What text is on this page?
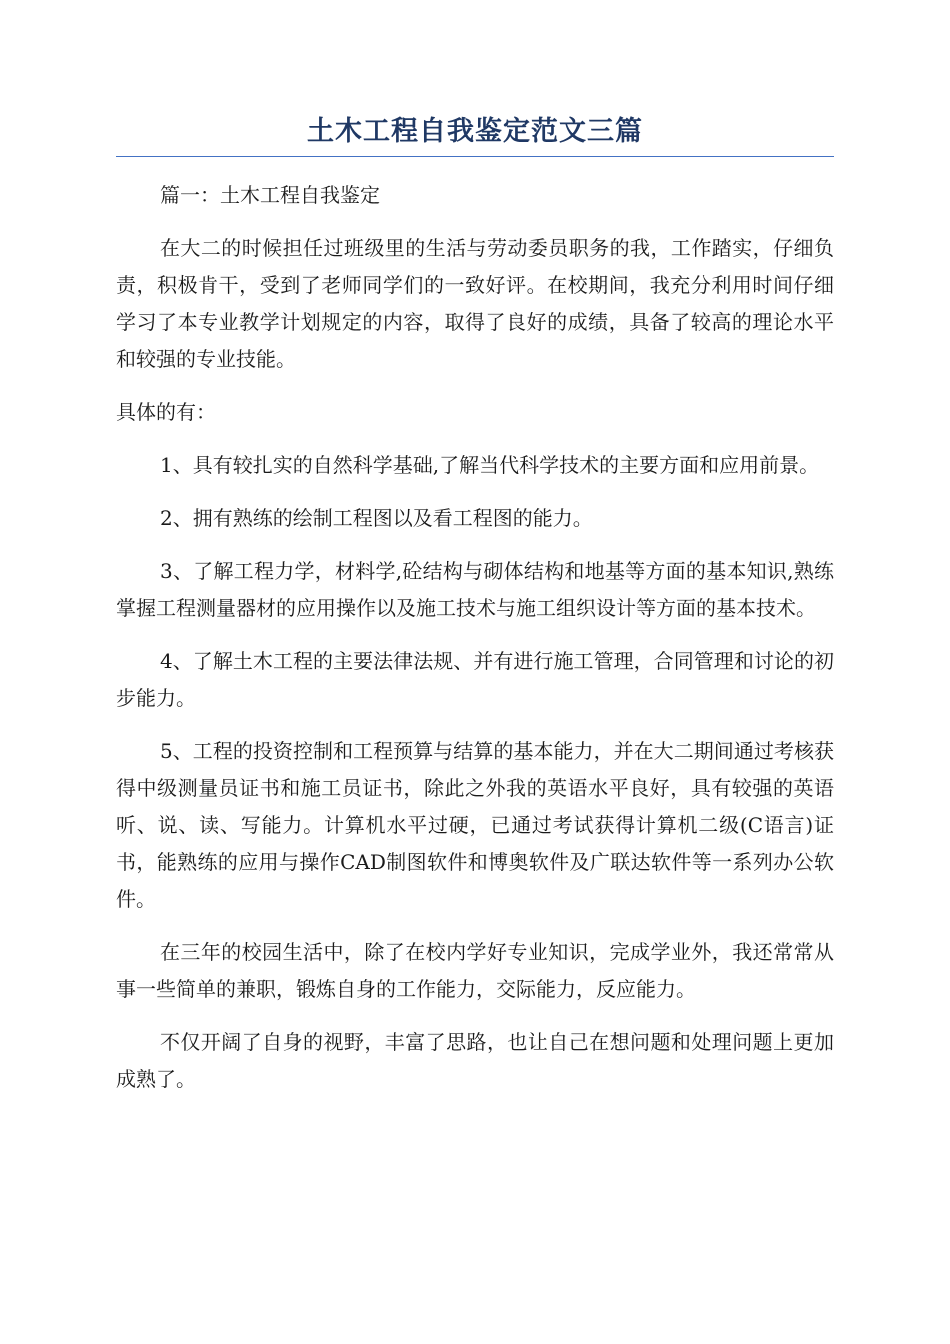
土木工程自我鉴定范文三篇

篇一：土木工程自我鉴定

在大二的时候担任过班级里的生活与劳动委员职务的我，工作踏实，仔细负责，积极肯干，受到了老师同学们的一致好评。在校期间，我充分利用时间仔细学习了本专业教学计划规定的内容，取得了良好的成绩，具备了较高的理论水平和较强的专业技能。

具体的有：

1、具有较扎实的自然科学基础,了解当代科学技术的主要方面和应用前景。

2、拥有熟练的绘制工程图以及看工程图的能力。

3、了解工程力学，材料学,砼结构与砌体结构和地基等方面的基本知识,熟练掌握工程测量器材的应用操作以及施工技术与施工组织设计等方面的基本技术。

4、了解土木工程的主要法律法规、并有进行施工管理，合同管理和讨论的初步能力。

5、工程的投资控制和工程预算与结算的基本能力，并在大二期间通过考核获得中级测量员证书和施工员证书，除此之外我的英语水平良好，具有较强的英语听、说、读、写能力。计算机水平过硬，已通过考试获得计算机二级(C语言)证书，能熟练的应用与操作CAD制图软件和博奥软件及广联达软件等一系列办公软件。

在三年的校园生活中，除了在校内学好专业知识，完成学业外，我还常常从事一些简单的兼职，锻炼自身的工作能力，交际能力，反应能力。

不仅开阔了自身的视野，丰富了思路，也让自己在想问题和处理问题上更加成熟了。
